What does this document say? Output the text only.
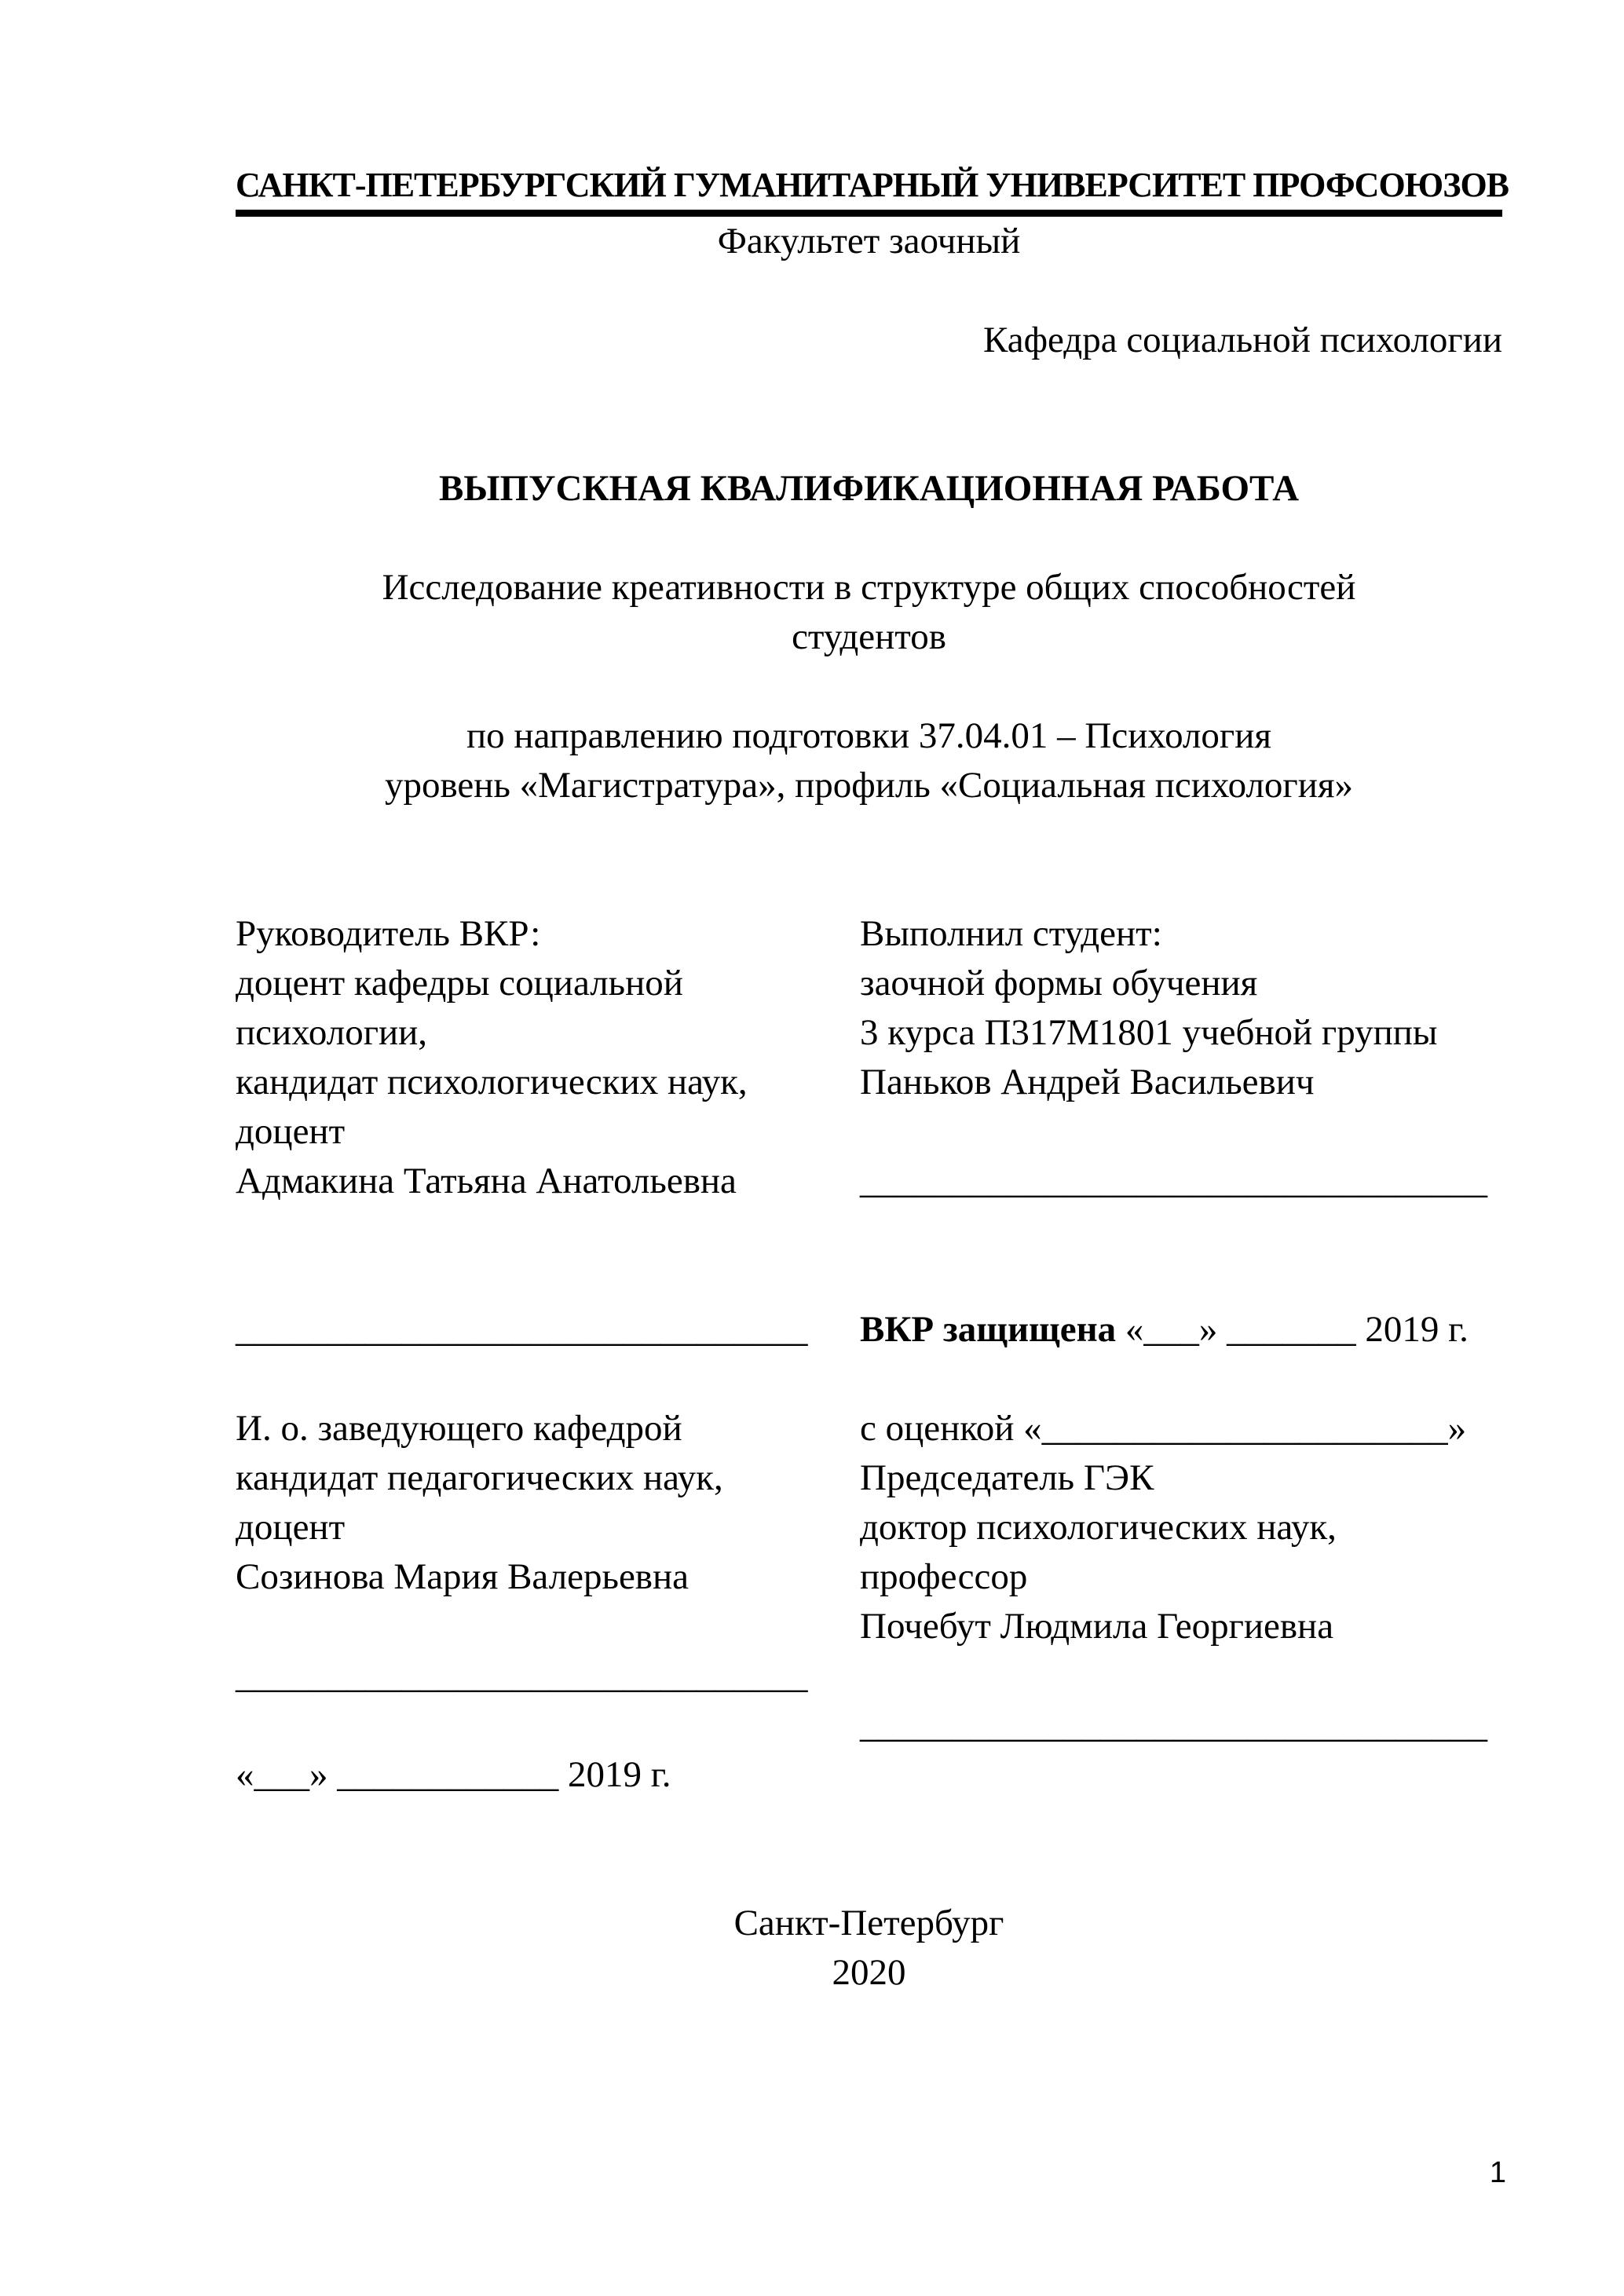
САНКТ-ПЕТЕРБУРГСКИЙ ГУМАНИТАРНЫЙ УНИВЕРСИТЕТ ПРОФСОЮЗОВ
Факультет заочный
Кафедра социальной психологии
ВЫПУСКНАЯ КВАЛИФИКАЦИОННАЯ РАБОТА
Исследование креативности в структуре общих способностей
студентов
по направлению подготовки 37.04.01 – Психология
уровень «Магистратура», профиль «Социальная психология»
Руководитель ВКР:
доцент кафедры социальной
психологии,
кандидат психологических наук,
доцент
Адмакина Татьяна Анатольевна
Выполнил студент:
заочной формы обучения
3 курса П317М1801 учебной группы
Паньков Андрей Васильевич
__________________________________
_______________________________
И. о. заведующего кафедрой
кандидат педагогических наук,
доцент
Созинова Мария Валерьевна
_______________________________
«___» ____________ 2019 г.
ВКР защищена «___» _______ 2019 г.
с оценкой «______________________»
Председатель ГЭК
доктор психологических наук,
профессор
Почебут Людмила Георгиевна
__________________________________
Санкт-Петербург
2020
1
